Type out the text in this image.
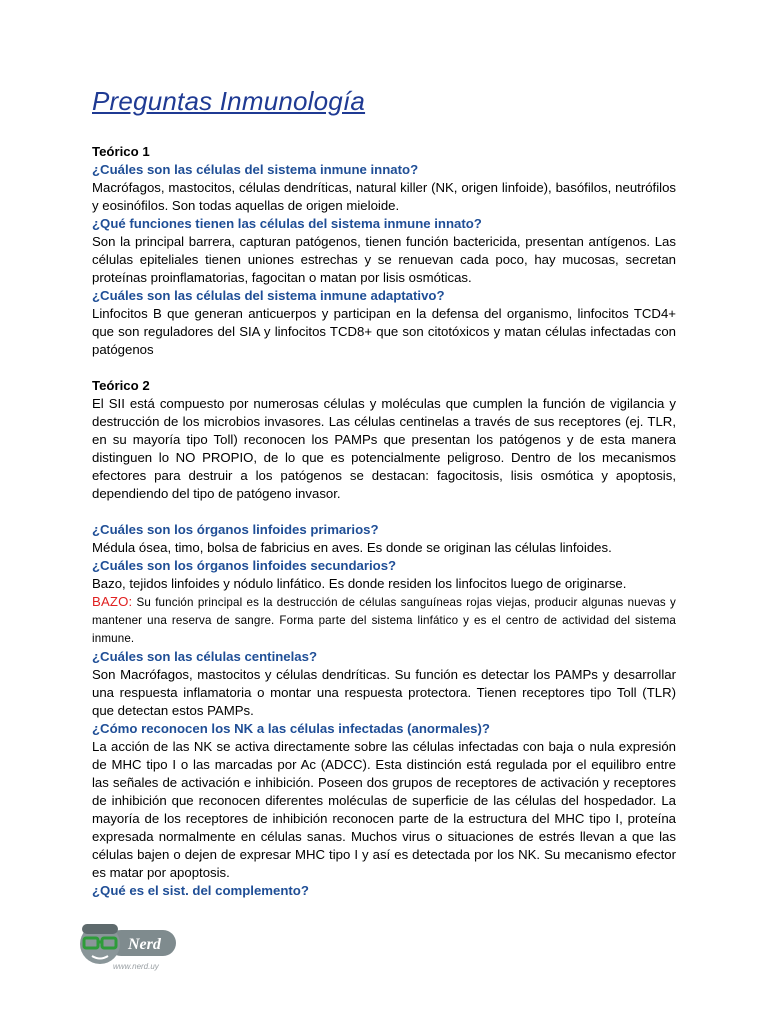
Preguntas Inmunología

Teórico 1

¿Cuáles son las células del sistema inmune innato?

Macrófagos, mastocitos, células dendríticas, natural killer (NK, origen linfoide), basófilos, neutrófilos y eosinófilos. Son todas aquellas de origen mieloide.

¿Qué funciones tienen las células del sistema inmune innato?

Son la principal barrera, capturan patógenos, tienen función bactericida, presentan antígenos. Las células epiteliales tienen uniones estrechas y se renuevan cada poco, hay mucosas, secretan proteínas proinflamatorias, fagocitan o matan por lisis osmóticas.

¿Cuáles son las células del sistema inmune adaptativo?

Linfocitos B que generan anticuerpos y participan en la defensa del organismo, linfocitos TCD4+ que son reguladores del SIA y linfocitos TCD8+ que son citotóxicos y matan células infectadas con patógenos

Teórico 2

El SII está compuesto por numerosas células y moléculas que cumplen la función de vigilancia y destrucción de los microbios invasores. Las células centinelas a través de sus receptores (ej. TLR, en su mayoría tipo Toll) reconocen los PAMPs que presentan los patógenos y de esta manera distinguen lo NO PROPIO, de lo que es potencialmente peligroso. Dentro de los mecanismos efectores para destruir a los patógenos se destacan: fagocitosis, lisis osmótica y apoptosis, dependiendo del tipo de patógeno invasor.

¿Cuáles son los órganos linfoides primarios?

Médula ósea, timo, bolsa de fabricius en aves. Es donde se originan las células linfoides.

¿Cuáles son los órganos linfoides secundarios?

Bazo, tejidos linfoides y nódulo linfático. Es donde residen los linfocitos luego de originarse.

BAZO: Su función principal es la destrucción de células sanguíneas rojas viejas, producir algunas nuevas y mantener una reserva de sangre. Forma parte del sistema linfático y es el centro de actividad del sistema inmune.

¿Cuáles son las células centinelas?

Son Macrófagos, mastocitos y células dendríticas. Su función es detectar los PAMPs y desarrollar una respuesta inflamatoria o montar una respuesta protectora. Tienen receptores tipo Toll (TLR) que detectan estos PAMPs.

¿Cómo reconocen los NK a las células infectadas (anormales)?

La acción de las NK se activa directamente sobre las células infectadas con baja o nula expresión de MHC tipo I o las marcadas por Ac (ADCC). Esta distinción está regulada por el equilibro entre las señales de activación e inhibición. Poseen dos grupos de receptores de activación y receptores de inhibición que reconocen diferentes moléculas de superficie de las células del hospedador. La mayoría de los receptores de inhibición reconocen parte de la estructura del MHC tipo I, proteína expresada normalmente en células sanas. Muchos virus o situaciones de estrés llevan a que las células bajen o dejen de expresar MHC tipo I y así es detectada por los NK. Su mecanismo efector es matar por apoptosis.

¿Qué es el sist. del complemento?

Nerd
www.nerd.uy
